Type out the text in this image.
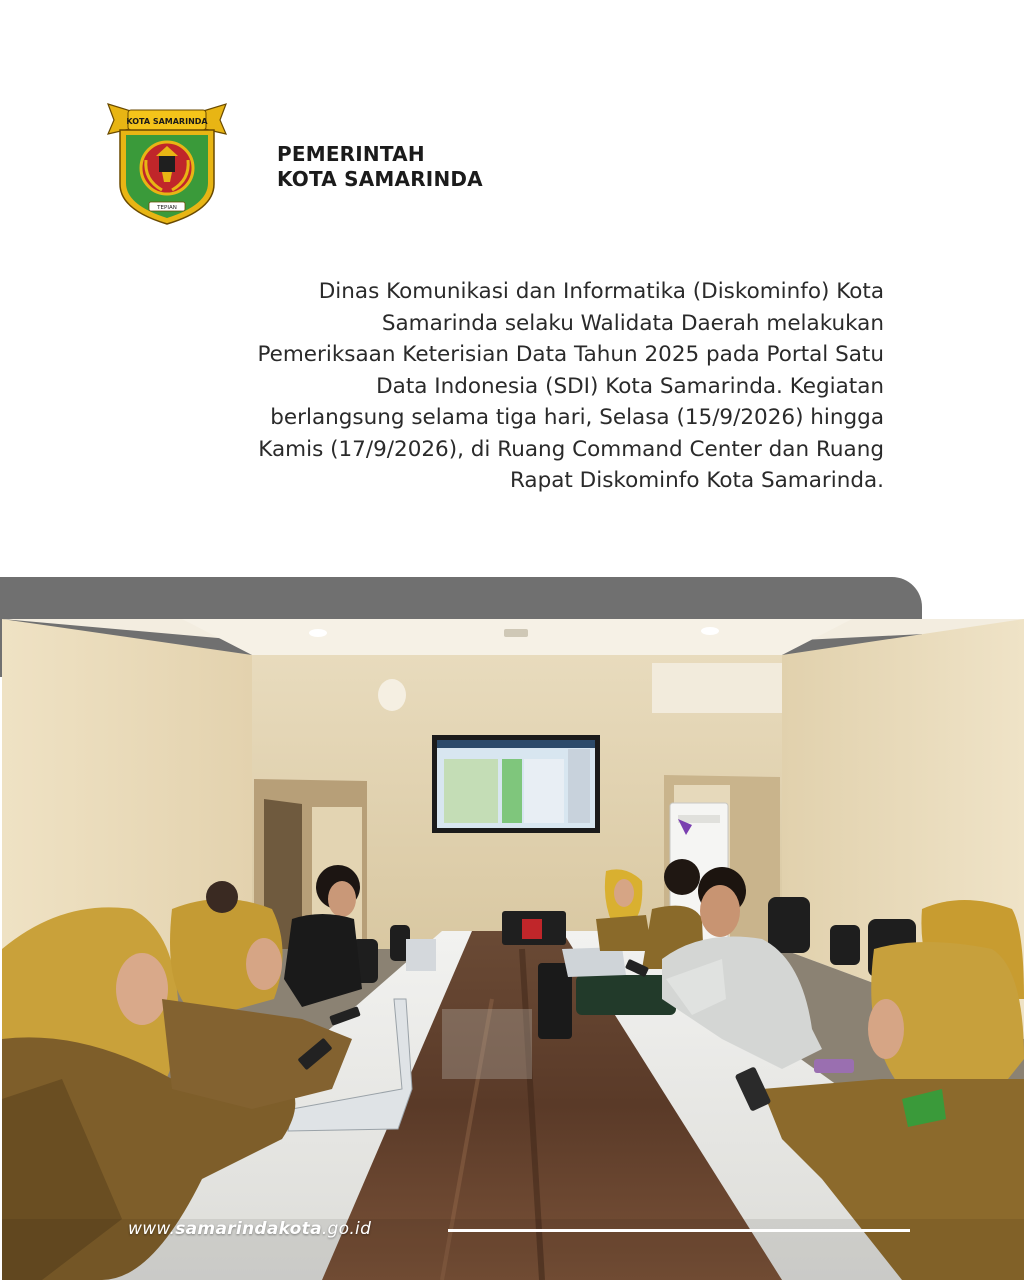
KOTA SAMARINDA
TEPIAN
PEMERINTAH
KOTA SAMARINDA
Dinas Komunikasi dan Informatika (Diskominfo) Kota
Samarinda selaku Walidata Daerah melakukan
Pemeriksaan Keterisian Data Tahun 2025 pada Portal Satu
Data Indonesia (SDI) Kota Samarinda. Kegiatan
berlangsung selama tiga hari, Selasa (15/9/2026) hingga
Kamis (17/9/2026), di Ruang Command Center dan Ruang
Rapat Diskominfo Kota Samarinda.
www.samarindakota.go.id
